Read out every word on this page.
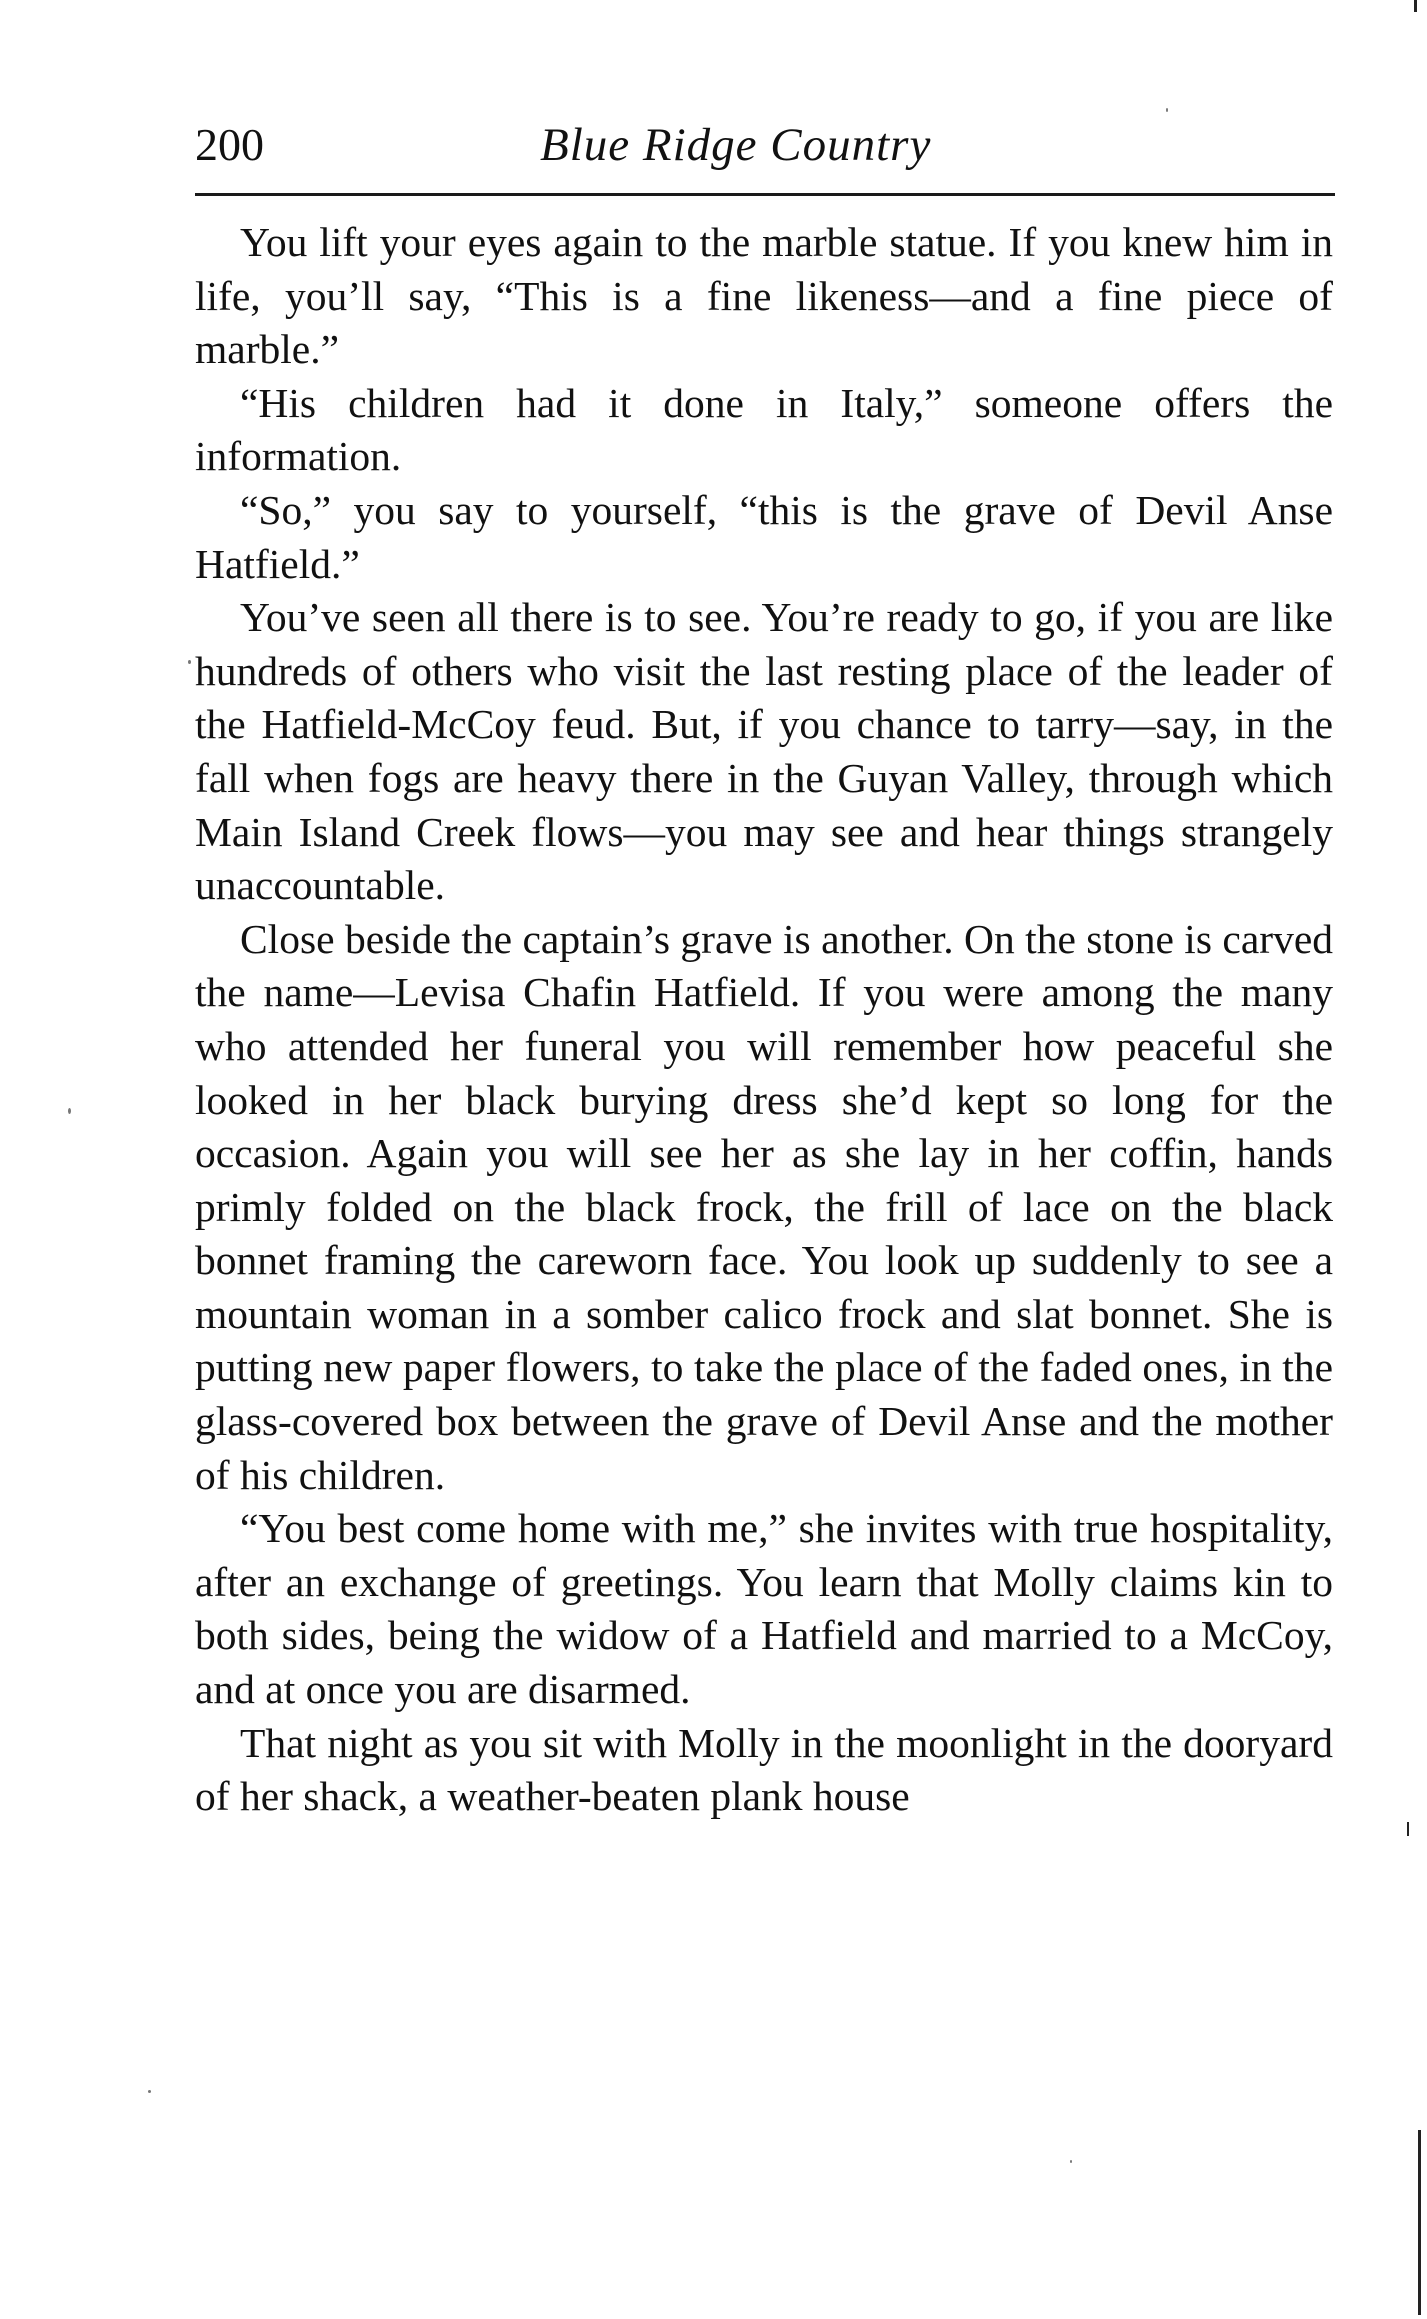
200	Blue Ridge Country

You lift your eyes again to the marble statue. If you knew him in life, you’ll say, “This is a fine likeness—and a fine piece of marble.”

“His children had it done in Italy,” someone offers the information.

“So,” you say to yourself, “this is the grave of Devil Anse Hatfield.”

You’ve seen all there is to see. You’re ready to go, if you are like hundreds of others who visit the last resting place of the leader of the Hatfield-McCoy feud. But, if you chance to tarry—say, in the fall when fogs are heavy there in the Guyan Valley, through which Main Island Creek flows—you may see and hear things strangely unaccountable.

Close beside the captain’s grave is another. On the stone is carved the name—Levisa Chafin Hatfield. If you were among the many who attended her funeral you will remember how peaceful she looked in her black burying dress she’d kept so long for the occasion. Again you will see her as she lay in her coffin, hands primly folded on the black frock, the frill of lace on the black bonnet framing the careworn face. You look up suddenly to see a mountain woman in a somber calico frock and slat bonnet. She is putting new paper flowers, to take the place of the faded ones, in the glass-covered box between the grave of Devil Anse and the mother of his children.

“You best come home with me,” she invites with true hospitality, after an exchange of greetings. You learn that Molly claims kin to both sides, being the widow of a Hatfield and married to a McCoy, and at once you are disarmed.

That night as you sit with Molly in the moonlight in the dooryard of her shack, a weather-beaten plank house
